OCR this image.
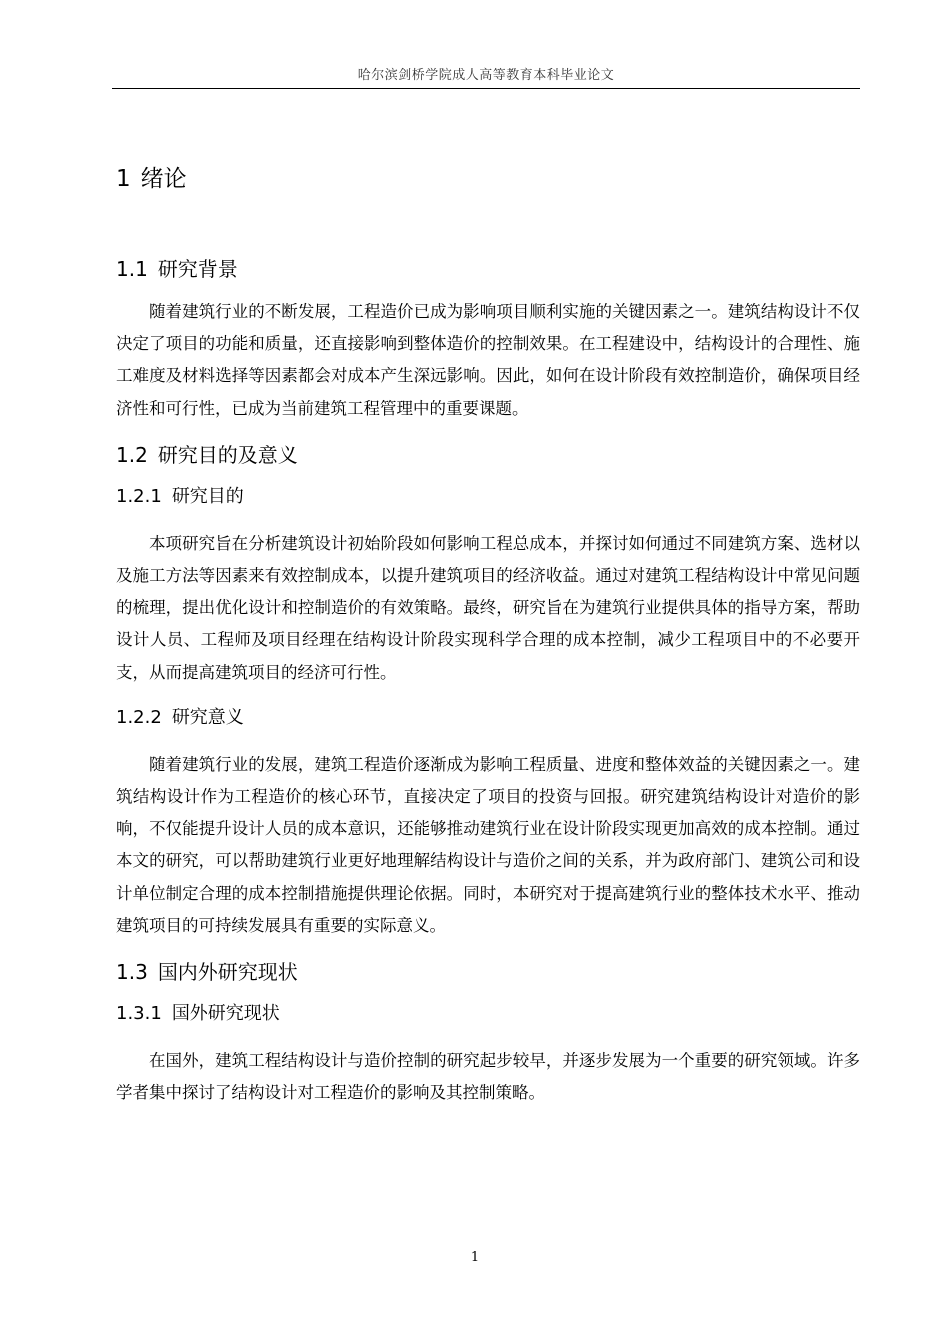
哈尔滨剑桥学院成人高等教育本科毕业论文
1 绪论
1.1 研究背景

随着建筑行业的不断发展，工程造价已成为影响项目顺利实施的关键因素之一。建筑结构设计不仅决定了项目的功能和质量，还直接影响到整体造价的控制效果。在工程建设中，结构设计的合理性、施工难度及材料选择等因素都会对成本产生深远影响。因此，如何在设计阶段有效控制造价，确保项目经济性和可行性，已成为当前建筑工程管理中的重要课题。

1.2 研究目的及意义
1.2.1 研究目的

本项研究旨在分析建筑设计初始阶段如何影响工程总成本，并探讨如何通过不同建筑方案、选材以及施工方法等因素来有效控制成本，以提升建筑项目的经济收益。通过对建筑工程结构设计中常见问题的梳理，提出优化设计和控制造价的有效策略。最终，研究旨在为建筑行业提供具体的指导方案，帮助设计人员、工程师及项目经理在结构设计阶段实现科学合理的成本控制，减少工程项目中的不必要开支，从而提高建筑项目的经济可行性。

1.2.2 研究意义

随着建筑行业的发展，建筑工程造价逐渐成为影响工程质量、进度和整体效益的关键因素之一。建筑结构设计作为工程造价的核心环节，直接决定了项目的投资与回报。研究建筑结构设计对造价的影响，不仅能提升设计人员的成本意识，还能够推动建筑行业在设计阶段实现更加高效的成本控制。通过本文的研究，可以帮助建筑行业更好地理解结构设计与造价之间的关系，并为政府部门、建筑公司和设计单位制定合理的成本控制措施提供理论依据。同时，本研究对于提高建筑行业的整体技术水平、推动建筑项目的可持续发展具有重要的实际意义。

1.3 国内外研究现状
1.3.1 国外研究现状

在国外，建筑工程结构设计与造价控制的研究起步较早，并逐步发展为一个重要的研究领域。许多学者集中探讨了结构设计对工程造价的影响及其控制策略。

1
